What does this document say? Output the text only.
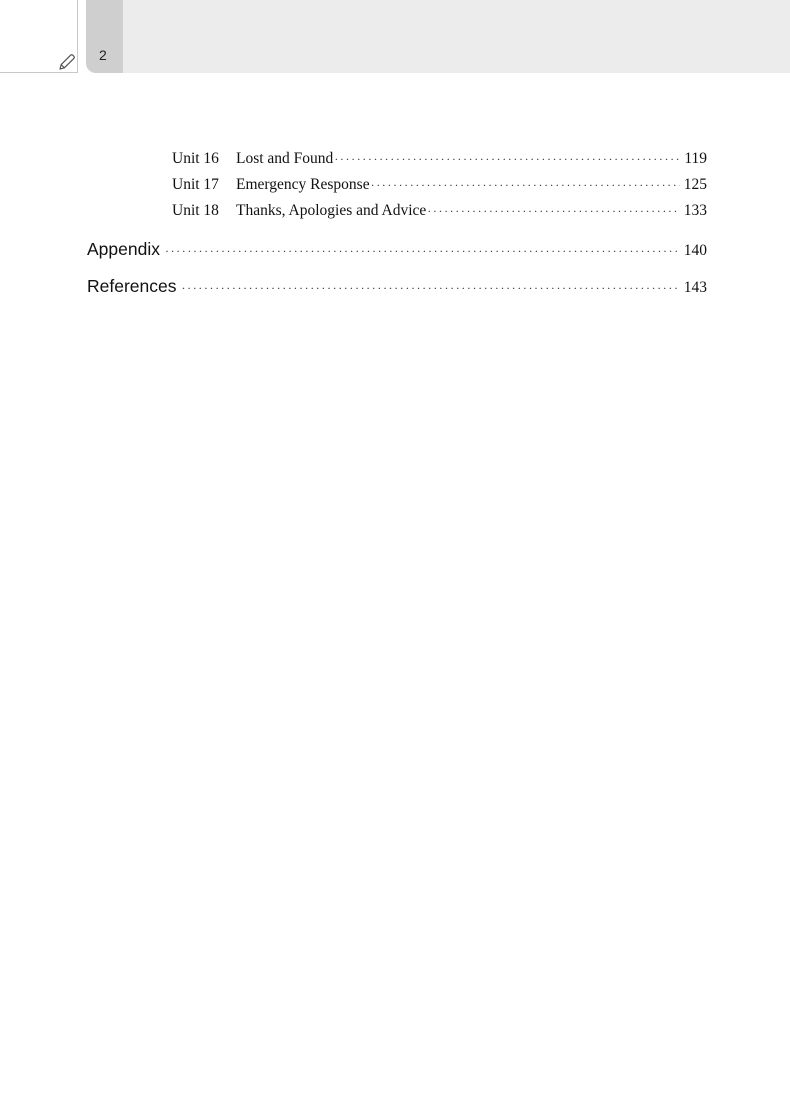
2
Unit 16	Lost and Found ·····	119
Unit 17	Emergency Response ·····	125
Unit 18	Thanks, Apologies and Advice ·····	133
Appendix ·····	140
References ·····	143
